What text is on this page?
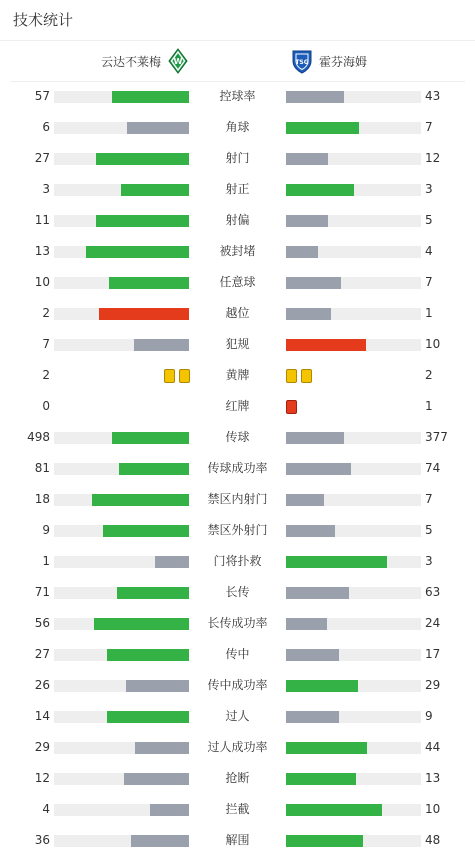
技术统计
云达不莱梅 W	TSG 霍芬海姆
57	控球率	43
6	角球	7
27	射门	12
3	射正	3
11	射偏	5
13	被封堵	4
10	任意球	7
2	越位	1
7	犯规	10
2	黄牌	2
0	红牌	1
498	传球	377
81	传球成功率	74
18	禁区内射门	7
9	禁区外射门	5
1	门将扑救	3
71	长传	63
56	长传成功率	24
27	传中	17
26	传中成功率	29
14	过人	9
29	过人成功率	44
12	抢断	13
4	拦截	10
36	解围	48
